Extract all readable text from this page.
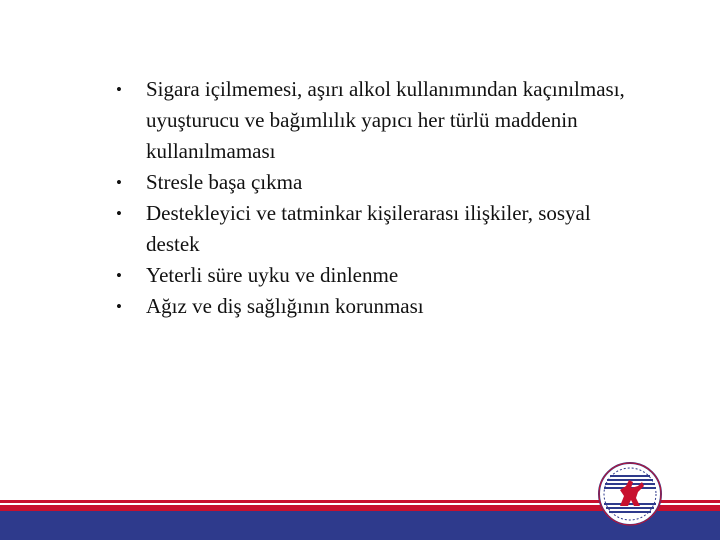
• Sigara içilmemesi, aşırı alkol kullanımından kaçınılması, uyuşturucu ve bağımlılık yapıcı her türlü maddenin kullanılmaması
• Stresle başa çıkma
• Destekleyici ve tatminkar kişilerarası ilişkiler, sosyal destek
• Yeterli süre uyku ve dinlenme
• Ağız ve diş sağlığının korunması
